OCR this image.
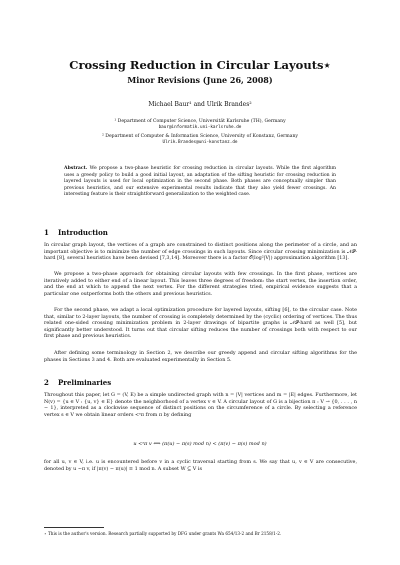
Crossing Reduction in Circular Layouts⋆
Minor Revisions (June 26, 2008)
Michael Baur¹ and Ulrik Brandes²
¹ Department of Computer Science, Universität Karlsruhe (TH), Germany
baur@informatik.uni-karlsruhe.de
² Department of Computer & Information Science, University of Konstanz, Germany
Ulrik.Brandes@uni-konstanz.de
Abstract. We propose a two-phase heuristic for crossing reduction in circular layouts. While the first algorithm uses a greedy policy to build a good initial layout, an adaptation of the sifting heuristic for crossing reduction in layered layouts is used for local optimization in the second phase. Both phases are conceptually simpler than previous heuristics, and our extensive experimental results indicate that they also yield fewer crossings. An interesting feature is their straightforward generalization to the weighted case.
1 Introduction
In circular graph layout, the vertices of a graph are constrained to distinct positions along the perimeter of a circle, and an important objective is to minimize the number of edge crossings in such layouts. Since circular crossing minimization is 𝒩𝒫-hard [8], several heuristics have been devised [7,3,14]. Moreover there is a factor 𝒪(log²|V|) approximation algorithm [13].
We propose a two-phase approach for obtaining circular layouts with few crossings. In the first phase, vertices are iteratively added to either end of a linear layout. This leaves three degrees of freedom: the start vertex, the insertion order, and the end at which to append the next vertex. For the different strategies tried, empirical evidence suggests that a particular one outperforms both the others and previous heuristics.
For the second phase, we adapt a local optimization procedure for layered layouts, sifting [6], to the circular case. Note that, similar to 2-layer layouts, the number of crossing is completely determined by the (cyclic) ordering of vertices. The thus related one-sided crossing minimization problem in 2-layer drawings of bipartite graphs is 𝒩𝒫-hard as well [5], but significantly better understood. It turns out that circular sifting reduces the number of crossings both with respect to our first phase and previous heuristics.
After defining some terminology in Section 2, we describe our greedy append and circular sifting algorithms for the phases in Sections 3 and 4. Both are evaluated experimentally in Section 5.
2 Preliminaries
Throughout this paper, let G = (V, E) be a simple undirected graph with n = |V| vertices and m = |E| edges. Furthermore, let N(v) = {u ∈ V : {u, v} ∈ E} denote the neighborhood of a vertex v ∈ V. A circular layout of G is a bijection π : V → {0, . . . , n − 1}, interpreted as a clockwise sequence of distinct positions on the circumference of a circle. By selecting a reference vertex s ∈ V we obtain linear orders <ˢπ from π by defining
u <ˢπ v ⟺ (π(u) − π(s) mod n) < (π(v) − π(s) mod n)
for all u, v ∈ V, i.e. u is encountered before v in a cyclic traversal starting from s. We say that u, v ∈ V are consecutive, denoted by u ∼π v, if |π(v) − π(u)| ≡ 1 mod n. A subset W ⊆ V is
⋆ This is the author's version. Research partially supported by DFG under grants Wa 654/13-2 and Br 2158/1-2.
